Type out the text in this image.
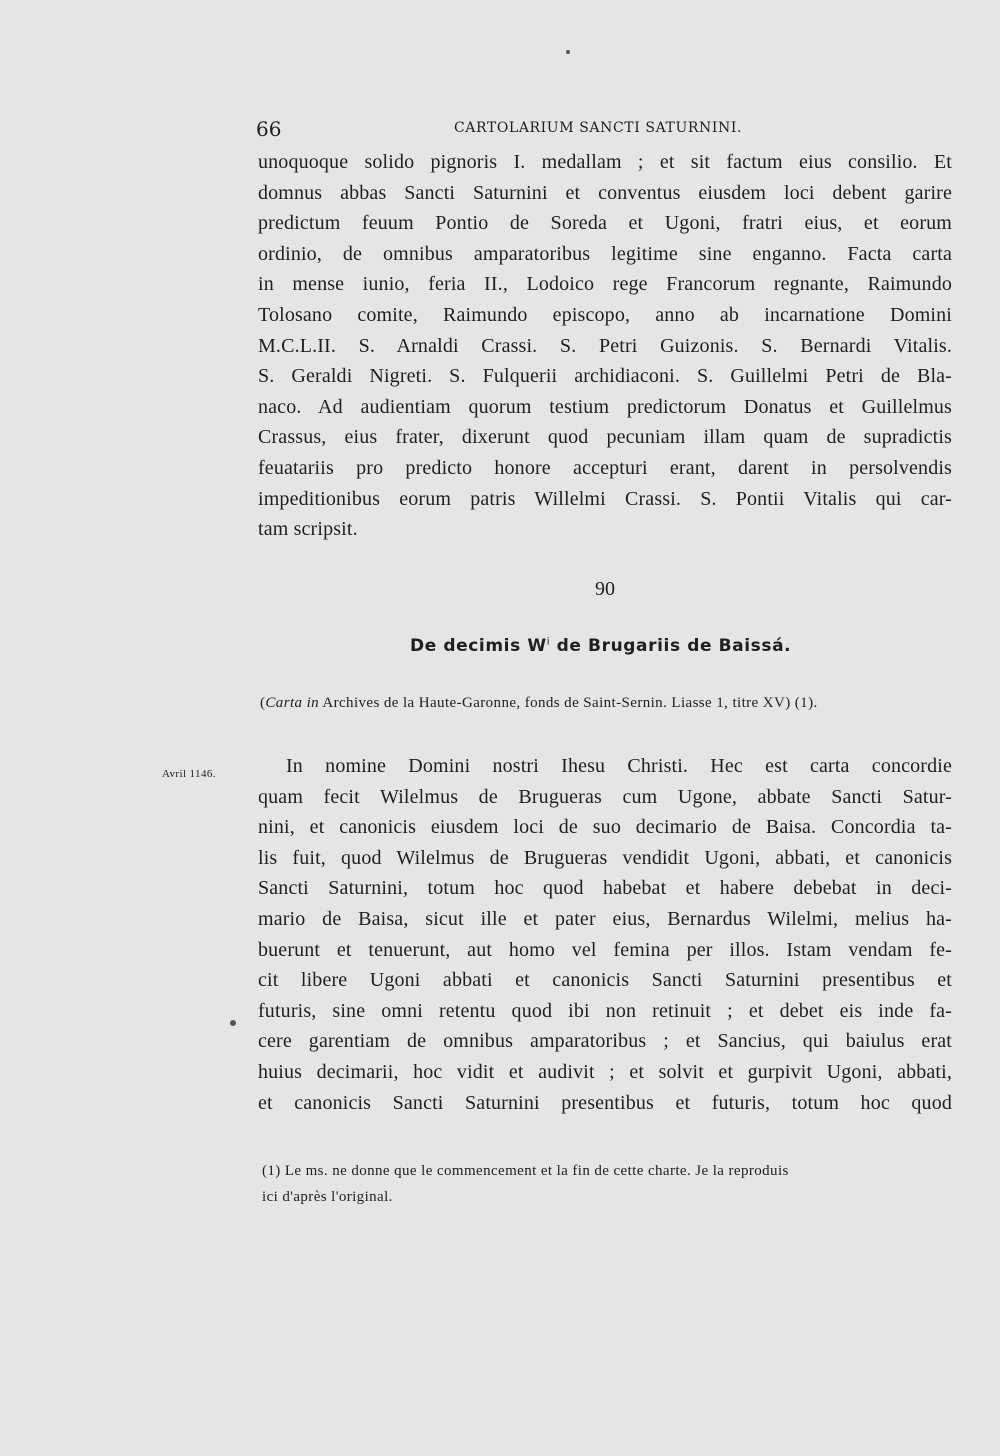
66	CARTOLARIUM SANCTI SATURNINI.
unoquoque solido pignoris I. medallam ; et sit factum eius consilio. Et
domnus abbas Sancti Saturnini et conventus eiusdem loci debent garire
predictum feuum Pontio de Soreda et Ugoni, fratri eius, et eorum
ordinio, de omnibus amparatoribus legitime sine enganno. Facta carta
in mense iunio, feria II., Lodoico rege Francorum regnante, Raimundo
Tolosano comite, Raimundo episcopo, anno ab incarnatione Domini
M.C.L.II. S. Arnaldi Crassi. S. Petri Guizonis. S. Bernardi Vitalis.
S. Geraldi Nigreti. S. Fulquerii archidiaconi. S. Guillelmi Petri de Bla-
naco. Ad audientiam quorum testium predictorum Donatus et Guillelmus
Crassus, eius frater, dixerunt quod pecuniam illam quam de supradictis
feuatariis pro predicto honore accepturi erant, darent in persolvendis
impeditionibus eorum patris Willelmi Crassi. S. Pontii Vitalis qui car-
tam scripsit.
90
De decimis $W^i$ de Brugariis de Baissá.
(Carta in Archives de la Haute-Garonne, fonds de Saint-Sernin. Liasse 1, titre XV) (1).
Avril 1146.	In nomine Domini nostri Ihesu Christi. Hec est carta concordie
quam fecit Wilelmus de Brugueras cum Ugone, abbate Sancti Satur-
nini, et canonicis eiusdem loci de suo decimario de Baisa. Concordia ta-
lis fuit, quod Wilelmus de Brugueras vendidit Ugoni, abbati, et canonicis
Sancti Saturnini, totum hoc quod habebat et habere debebat in deci-
mario de Baisa, sicut ille et pater eius, Bernardus Wilelmi, melius ha-
buerunt et tenuerunt, aut homo vel femina per illos. Istam vendam fe-
cit libere Ugoni abbati et canonicis Sancti Saturnini presentibus et
futuris, sine omni retentu quod ibi non retinuit ; et debet eis inde fa-
cere garentiam de omnibus amparatoribus ; et Sancius, qui baiulus erat
huius decimarii, hoc vidit et audivit ; et solvit et gurpivit Ugoni, abbati,
et canonicis Sancti Saturnini presentibus et futuris, totum hoc quod
(1) Le ms. ne donne que le commencement et la fin de cette charte. Je la reproduis
ici d'après l'original.
